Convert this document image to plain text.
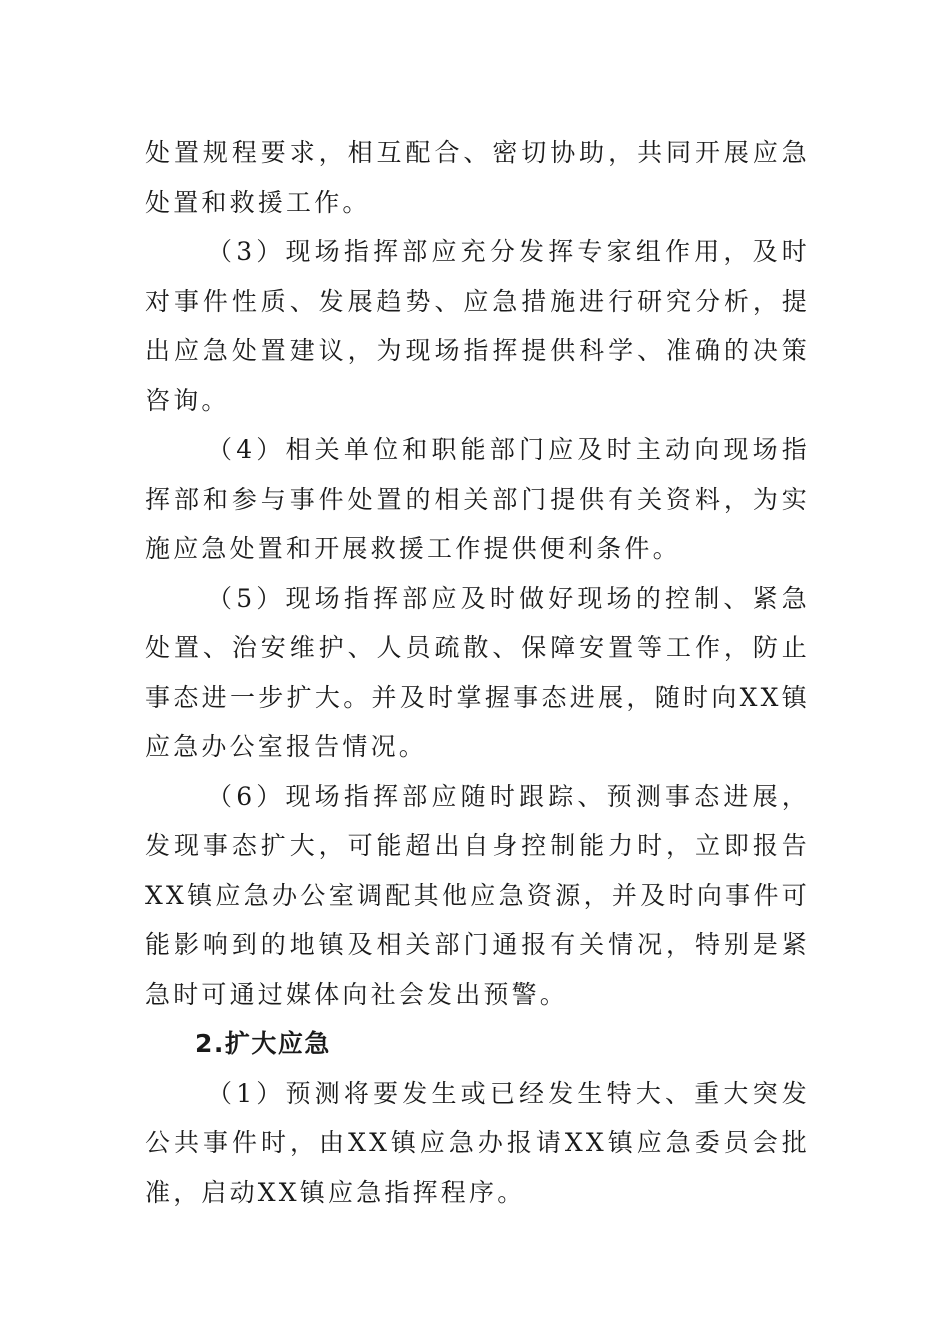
处置规程要求，相互配合、密切协助，共同开展应急处置和救援工作。

（3）现场指挥部应充分发挥专家组作用，及时对事件性质、发展趋势、应急措施进行研究分析，提出应急处置建议，为现场指挥提供科学、准确的决策咨询。

（4）相关单位和职能部门应及时主动向现场指挥部和参与事件处置的相关部门提供有关资料，为实施应急处置和开展救援工作提供便利条件。

（5）现场指挥部应及时做好现场的控制、紧急处置、治安维护、人员疏散、保障安置等工作，防止事态进一步扩大。并及时掌握事态进展，随时向XX镇应急办公室报告情况。

（6）现场指挥部应随时跟踪、预测事态进展，发现事态扩大，可能超出自身控制能力时，立即报告XX镇应急办公室调配其他应急资源，并及时向事件可能影响到的地镇及相关部门通报有关情况，特别是紧急时可通过媒体向社会发出预警。

2.扩大应急

（1）预测将要发生或已经发生特大、重大突发公共事件时，由XX镇应急办报请XX镇应急委员会批准，启动XX镇应急指挥程序。
